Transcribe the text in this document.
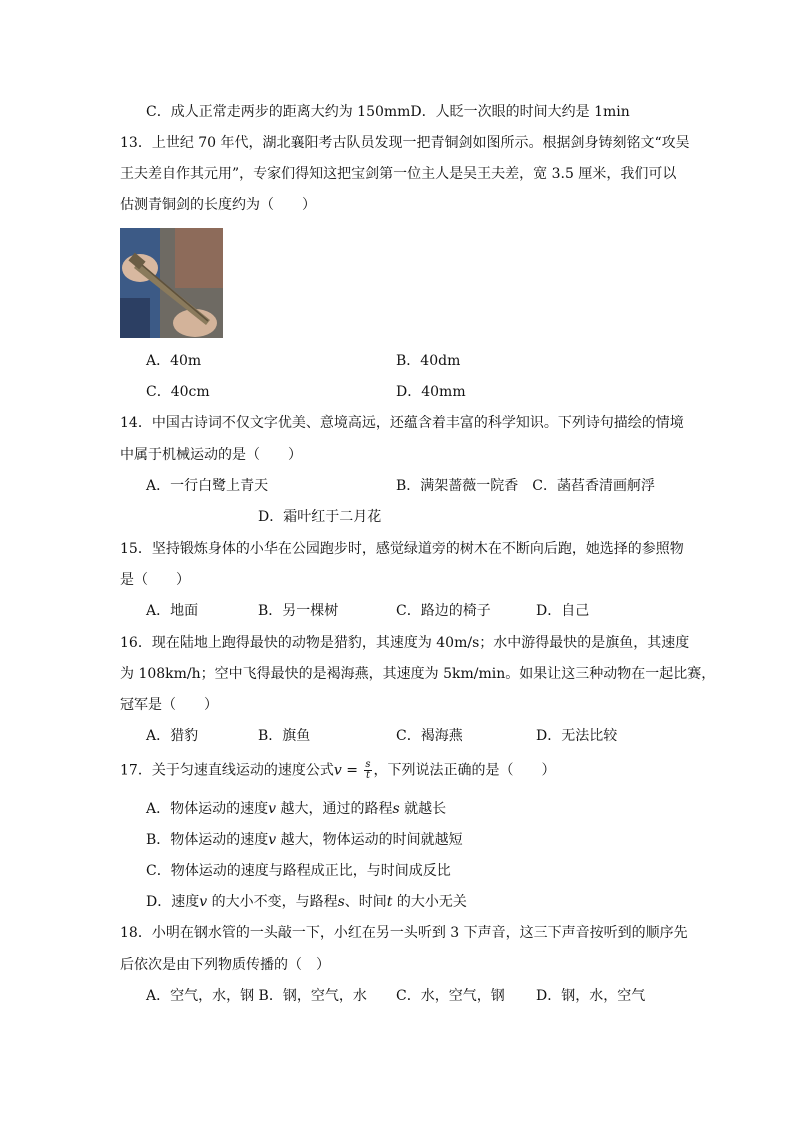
C．成人正常走两步的距离大约为 150mmD．人眨一次眼的时间大约是 1min
13．上世纪 70 年代，湖北襄阳考古队员发现一把青铜剑如图所示。根据剑身铸刻铭文“攻吴
王夫差自作其元用”，专家们得知这把宝剑第一位主人是吴王夫差，宽 3.5 厘米，我们可以
估测青铜剑的长度约为（　　）
A．40m	B．40dm
C．40cm	D．40mm
14．中国古诗词不仅文字优美、意境高远，还蕴含着丰富的科学知识。下列诗句描绘的情境
中属于机械运动的是（　　）
A．一行白鹭上青天	B．满架蔷薇一院香　C．菡萏香清画舸浮
D．霜叶红于二月花
15．坚持锻炼身体的小华在公园跑步时，感觉绿道旁的树木在不断向后跑，她选择的参照物
是（　　）
A．地面	B．另一棵树	C．路边的椅子	D．自己
16．现在陆地上跑得最快的动物是猎豹，其速度为 40m/s；水中游得最快的是旗鱼，其速度
为 108km/h；空中飞得最快的是褐海燕，其速度为 5km/min。如果让这三种动物在一起比赛，
冠军是（　　）
A．猎豹	B．旗鱼	C．褐海燕	D．无法比较
17．关于匀速直线运动的速度公式$v = \frac{s}{t}$ ，下列说法正确的是（　　）
A．物体运动的速度v 越大，通过的路程s 就越长
B．物体运动的速度v 越大，物体运动的时间就越短
C．物体运动的速度与路程成正比，与时间成反比
D．速度v 的大小不变，与路程s、时间t 的大小无关
18．小明在钢水管的一头敲一下，小红在另一头听到 3 下声音，这三下声音按听到的顺序先
后依次是由下列物质传播的（　）
A．空气，水，钢 B．钢，空气，水 C．水，空气，钢 D．钢，水，空气
